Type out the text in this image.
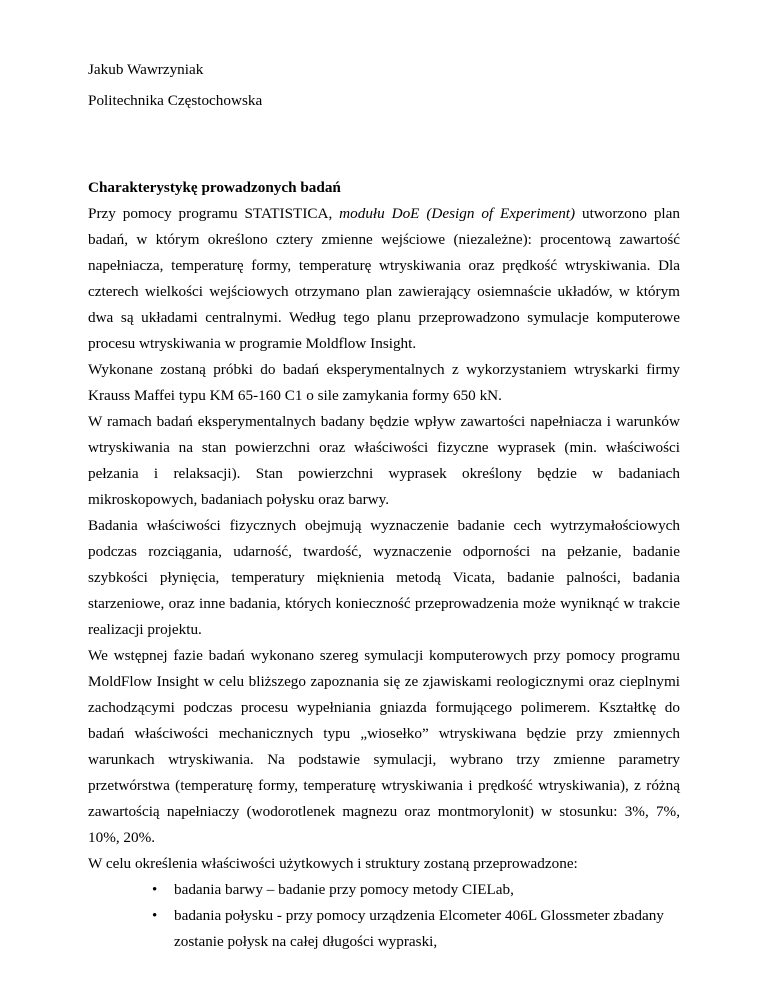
Jakub Wawrzyniak
Politechnika Częstochowska
Charakterystykę prowadzonych badań

Przy pomocy programu STATISTICA, modułu DoE (Design of Experiment) utworzono plan badań, w którym określono cztery zmienne wejściowe (niezależne): procentową zawartość napełniacza, temperaturę formy, temperaturę wtryskiwania oraz prędkość wtryskiwania. Dla czterech wielkości wejściowych otrzymano plan zawierający osiemnaście układów, w którym dwa są układami centralnymi. Według tego planu przeprowadzono symulacje komputerowe procesu wtryskiwania w programie Moldflow Insight.

Wykonane zostaną próbki do badań eksperymentalnych z wykorzystaniem wtryskarki firmy Krauss Maffei typu KM 65-160 C1 o sile zamykania formy 650 kN.

W ramach badań eksperymentalnych badany będzie wpływ zawartości napełniacza i warunków wtryskiwania na stan powierzchni oraz właściwości fizyczne wyprasek (min. właściwości pełzania i relaksacji). Stan powierzchni wyprasek określony będzie w badaniach mikroskopowych, badaniach połysku oraz barwy.

Badania właściwości fizycznych obejmują wyznaczenie badanie cech wytrzymałościowych podczas rozciągania, udarność, twardość, wyznaczenie odporności na pełzanie, badanie szybkości płynięcia, temperatury mięknienia metodą Vicata, badanie palności, badania starzeniowe, oraz inne badania, których konieczność przeprowadzenia może wyniknąć w trakcie realizacji projektu.

We wstępnej fazie badań wykonano szereg symulacji komputerowych przy pomocy programu MoldFlow Insight w celu bliższego zapoznania się ze zjawiskami reologicznymi oraz cieplnymi zachodzącymi podczas procesu wypełniania gniazda formującego polimerem. Kształtkę do badań właściwości mechanicznych typu „wiosełko” wtryskiwana będzie przy zmiennych warunkach wtryskiwania. Na podstawie symulacji, wybrano trzy zmienne parametry przetwórstwa (temperaturę formy, temperaturę wtryskiwania i prędkość wtryskiwania), z różną zawartością napełniaczy (wodorotlenek magnezu oraz montmorylonit) w stosunku: 3%, 7%, 10%, 20%.

W celu określenia właściwości użytkowych i struktury zostaną przeprowadzone:

• badania barwy – badanie przy pomocy metody CIELab,
• badania połysku - przy pomocy urządzenia Elcometer 406L Glossmeter zbadany zostanie połysk na całej długości wypraski,
